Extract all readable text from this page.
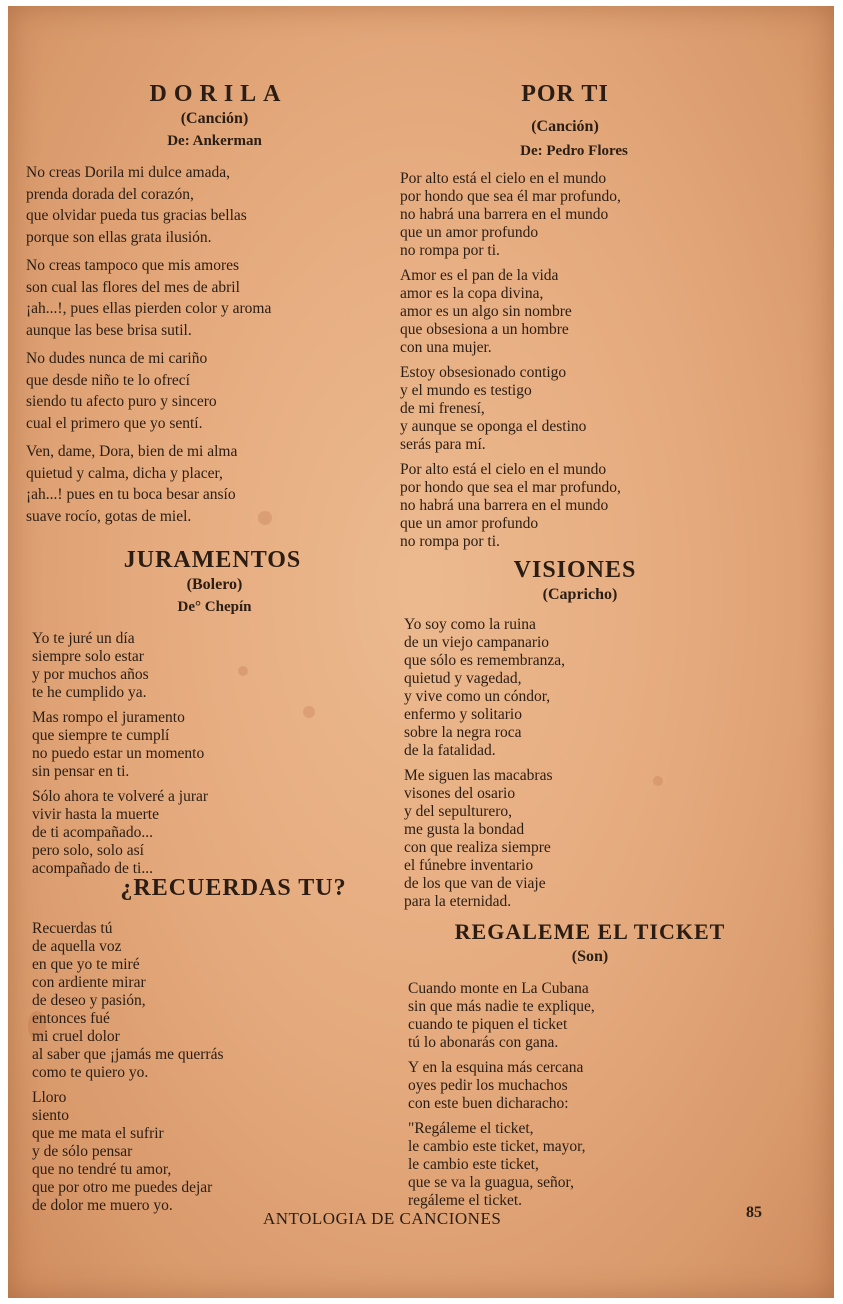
DORILA

(Canción)

De: Ankerman

No creas Dorila mi dulce amada,
prenda dorada del corazón,
que olvidar pueda tus gracias bellas
porque son ellas grata ilusión.
No creas tampoco que mis amores
son cual las flores del mes de abril
¡ah...!, pues ellas pierden color y aroma
aunque las bese brisa sutil.
No dudes nunca de mi cariño
que desde niño te lo ofrecí
siendo tu afecto puro y sincero
cual el primero que yo sentí.
Ven, dame, Dora, bien de mi alma
quietud y calma, dicha y placer,
¡ah...! pues en tu boca besar ansío
suave rocío, gotas de miel.
JURAMENTOS

(Bolero)

De° Chepín

Yo te juré un día
siempre solo estar
y por muchos años
te he cumplido ya.
Mas rompo el juramento
que siempre te cumplí
no puedo estar un momento
sin pensar en ti.
Sólo ahora te volveré a jurar
vivir hasta la muerte
de ti acompañado...
pero solo, solo así
acompañado de ti...
¿RECUERDAS TU?
Recuerdas tú
de aquella voz
en que yo te miré
con ardiente mirar
de deseo y pasión,
entonces fué
mi cruel dolor
al saber que ¡jamás me querrás
como te quiero yo.
Lloro
siento
que me mata el sufrir
y de sólo pensar
que no tendré tu amor,
que por otro me puedes dejar
de dolor me muero yo.
POR TI

(Canción)

De: Pedro Flores

Por alto está el cielo en el mundo
por hondo que sea él mar profundo,
no habrá una barrera en el mundo
que un amor profundo
no rompa por ti.
Amor es el pan de la vida
amor es la copa divina,
amor es un algo sin nombre
que obsesiona a un hombre
con una mujer.
Estoy obsesionado contigo
y el mundo es testigo
de mi frenesí,
y aunque se oponga el destino
serás para mí.
Por alto está el cielo en el mundo
por hondo que sea el mar profundo,
no habrá una barrera en el mundo
que un amor profundo
no rompa por ti.
VISIONES

(Capricho)

Yo soy como la ruina
de un viejo campanario
que sólo es remembranza,
quietud y vagedad,
y vive como un cóndor,
enfermo y solitario
sobre la negra roca
de la fatalidad.
Me siguen las macabras
visones del osario
y del sepulturero,
me gusta la bondad
con que realiza siempre
el fúnebre inventario
de los que van de viaje
para la eternidad.
REGALEME EL TICKET

(Son)

Cuando monte en La Cubana
sin que más nadie te explique,
cuando te piquen el ticket
tú lo abonarás con gana.
Y en la esquina más cercana
oyes pedir los muchachos
con este buen dicharacho:
"Regáleme el ticket,
le cambio este ticket, mayor,
le cambio este ticket,
que se va la guagua, señor,
regáleme el ticket.
ANTOLOGIA DE CANCIONES	85
